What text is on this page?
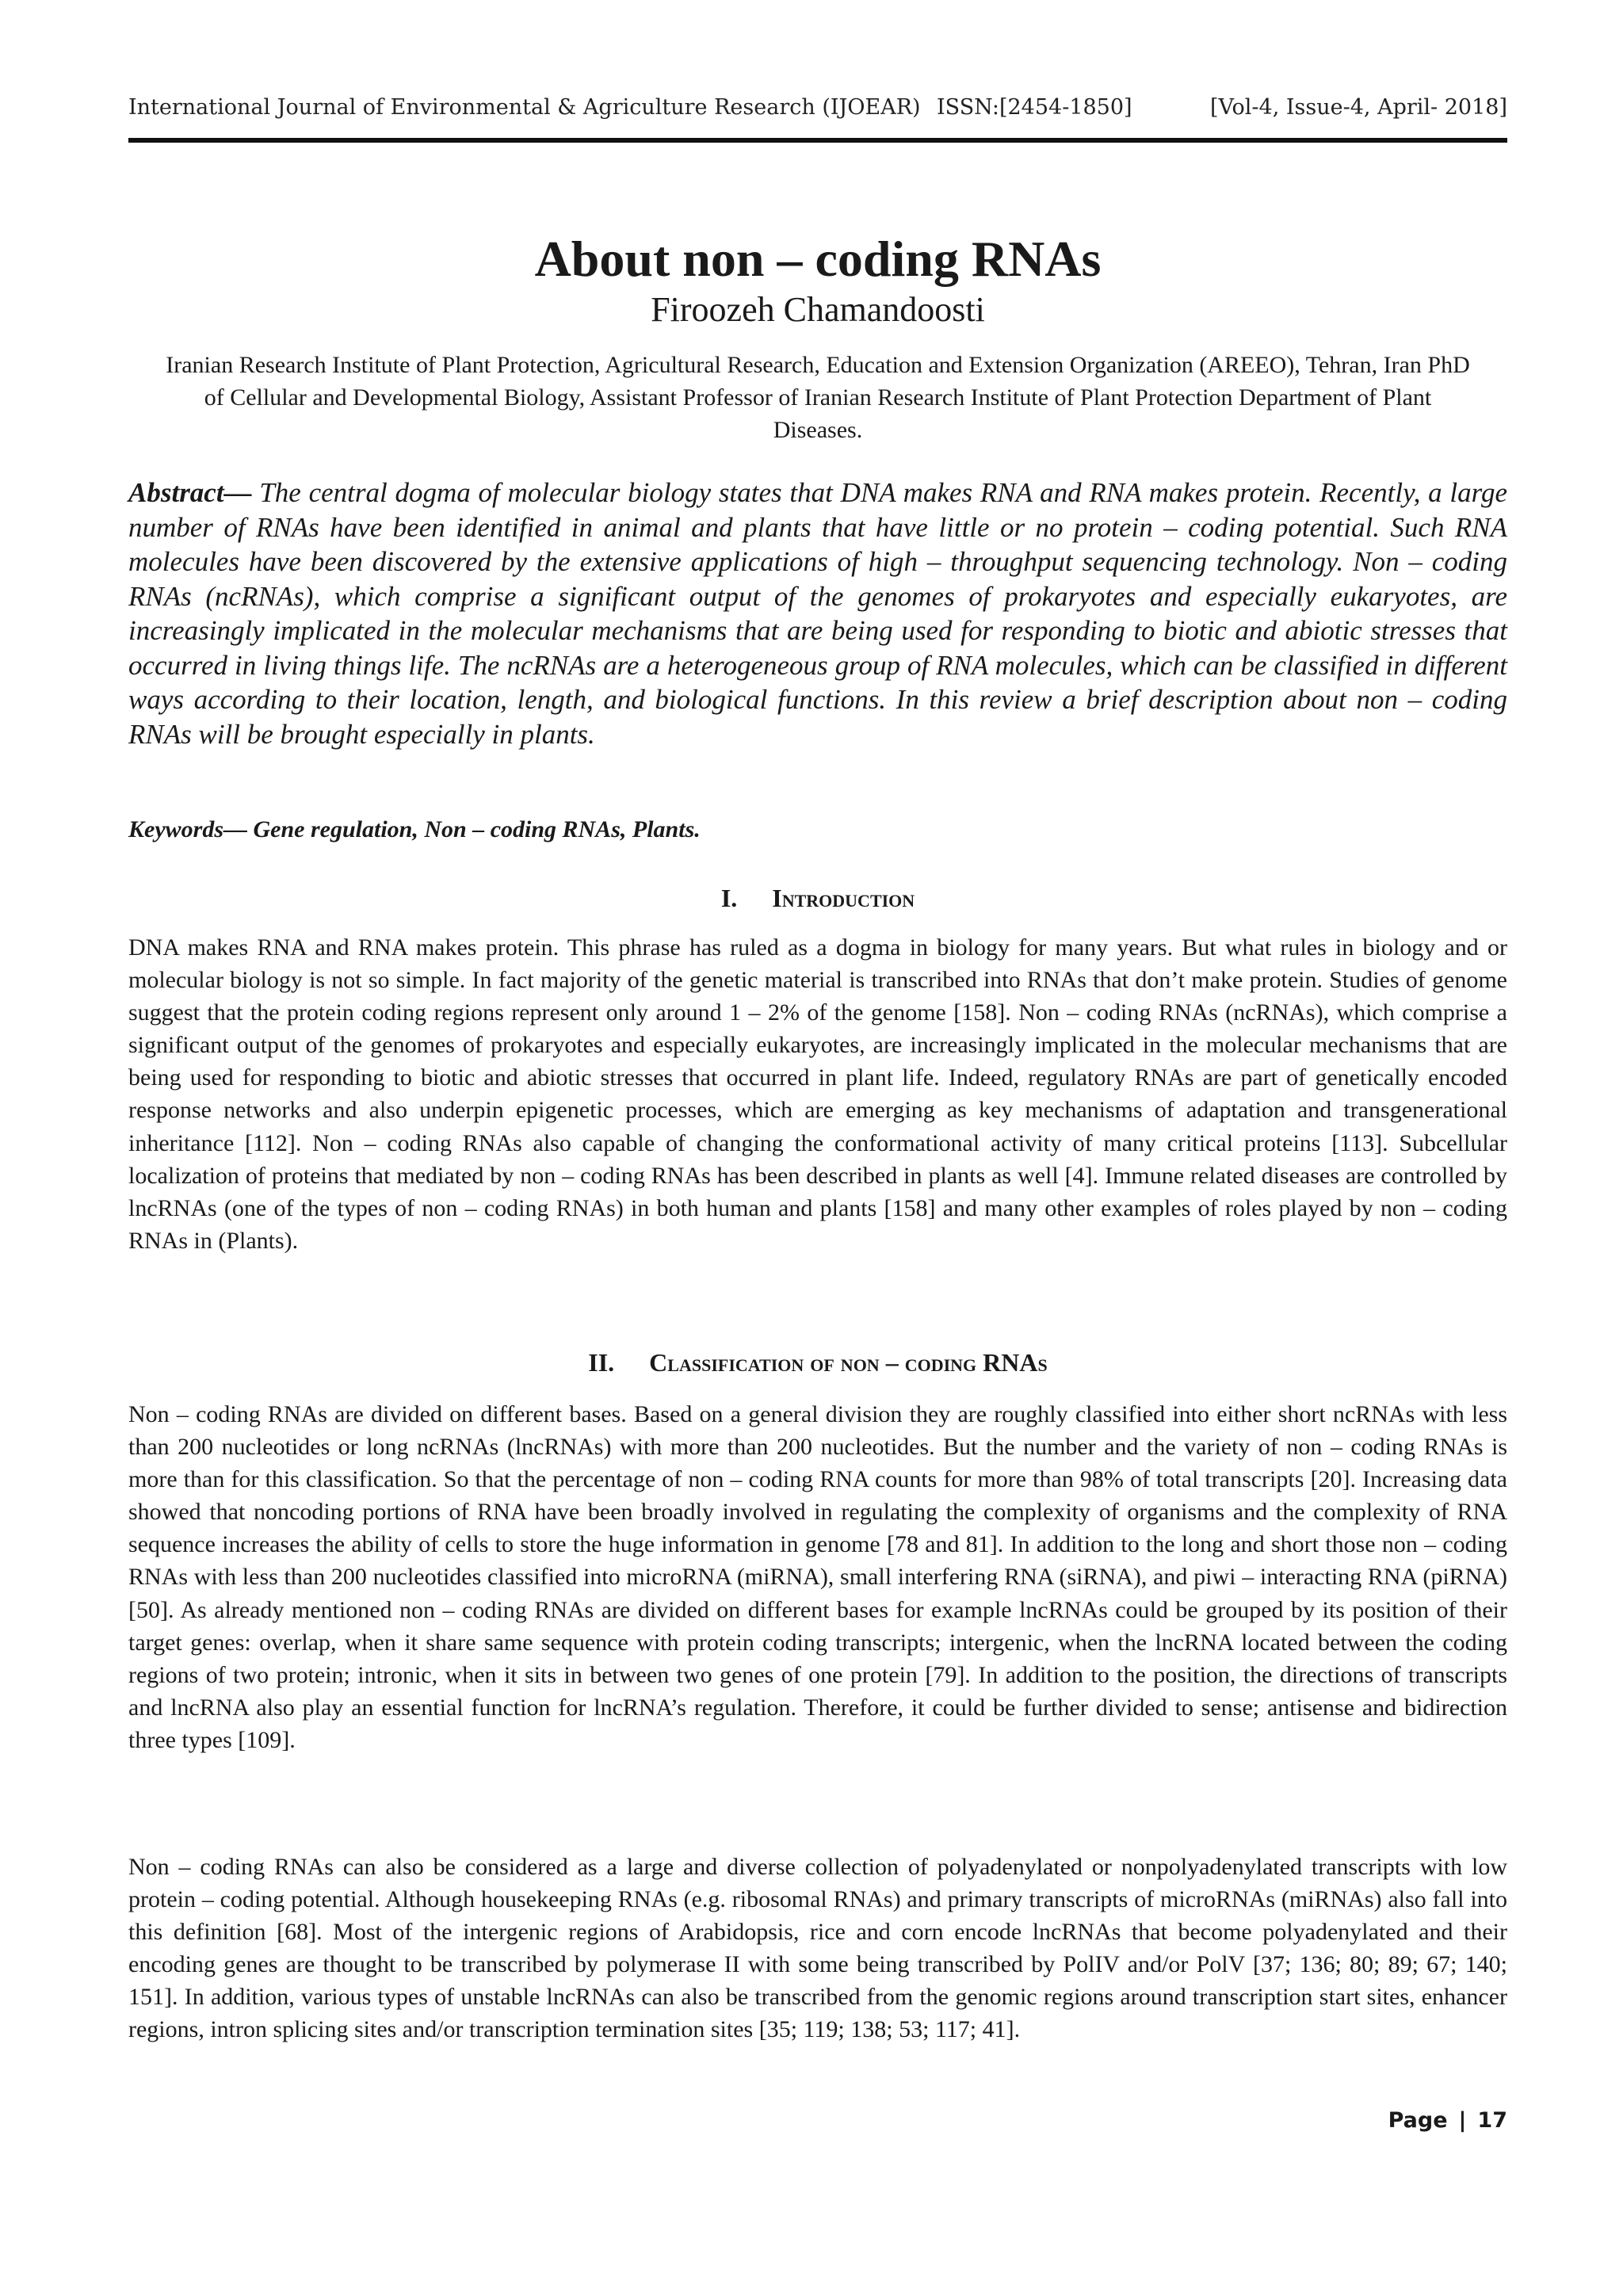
International Journal of Environmental & Agriculture Research (IJOEAR) ISSN:[2454-1850]	[Vol-4, Issue-4, April- 2018]
About non – coding RNAs
Firoozeh Chamandoosti
Iranian Research Institute of Plant Protection, Agricultural Research, Education and Extension Organization (AREEO), Tehran, Iran PhD of Cellular and Developmental Biology, Assistant Professor of Iranian Research Institute of Plant Protection Department of Plant Diseases.
Abstract— The central dogma of molecular biology states that DNA makes RNA and RNA makes protein. Recently, a large number of RNAs have been identified in animal and plants that have little or no protein – coding potential. Such RNA molecules have been discovered by the extensive applications of high – throughput sequencing technology. Non – coding RNAs (ncRNAs), which comprise a significant output of the genomes of prokaryotes and especially eukaryotes, are increasingly implicated in the molecular mechanisms that are being used for responding to biotic and abiotic stresses that occurred in living things life. The ncRNAs are a heterogeneous group of RNA molecules, which can be classified in different ways according to their location, length, and biological functions. In this review a brief description about non – coding RNAs will be brought especially in plants.
Keywords— Gene regulation, Non – coding RNAs, Plants.
I. Introduction
DNA makes RNA and RNA makes protein. This phrase has ruled as a dogma in biology for many years. But what rules in biology and or molecular biology is not so simple. In fact majority of the genetic material is transcribed into RNAs that don’t make protein. Studies of genome suggest that the protein coding regions represent only around 1 – 2% of the genome [158]. Non – coding RNAs (ncRNAs), which comprise a significant output of the genomes of prokaryotes and especially eukaryotes, are increasingly implicated in the molecular mechanisms that are being used for responding to biotic and abiotic stresses that occurred in plant life. Indeed, regulatory RNAs are part of genetically encoded response networks and also underpin epigenetic processes, which are emerging as key mechanisms of adaptation and transgenerational inheritance [112]. Non – coding RNAs also capable of changing the conformational activity of many critical proteins [113]. Subcellular localization of proteins that mediated by non – coding RNAs has been described in plants as well [4]. Immune related diseases are controlled by lncRNAs (one of the types of non – coding RNAs) in both human and plants [158] and many other examples of roles played by non – coding RNAs in (Plants).
II. Classification of non – coding RNAs
Non – coding RNAs are divided on different bases. Based on a general division they are roughly classified into either short ncRNAs with less than 200 nucleotides or long ncRNAs (lncRNAs) with more than 200 nucleotides. But the number and the variety of non – coding RNAs is more than for this classification. So that the percentage of non – coding RNA counts for more than 98% of total transcripts [20]. Increasing data showed that noncoding portions of RNA have been broadly involved in regulating the complexity of organisms and the complexity of RNA sequence increases the ability of cells to store the huge information in genome [78 and 81]. In addition to the long and short those non – coding RNAs with less than 200 nucleotides classified into microRNA (miRNA), small interfering RNA (siRNA), and piwi – interacting RNA (piRNA) [50]. As already mentioned non – coding RNAs are divided on different bases for example lncRNAs could be grouped by its position of their target genes: overlap, when it share same sequence with protein coding transcripts; intergenic, when the lncRNA located between the coding regions of two protein; intronic, when it sits in between two genes of one protein [79]. In addition to the position, the directions of transcripts and lncRNA also play an essential function for lncRNA’s regulation. Therefore, it could be further divided to sense; antisense and bidirection three types [109].
Non – coding RNAs can also be considered as a large and diverse collection of polyadenylated or nonpolyadenylated transcripts with low protein – coding potential. Although housekeeping RNAs (e.g. ribosomal RNAs) and primary transcripts of microRNAs (miRNAs) also fall into this definition [68]. Most of the intergenic regions of Arabidopsis, rice and corn encode lncRNAs that become polyadenylated and their encoding genes are thought to be transcribed by polymerase II with some being transcribed by PolIV and/or PolV [37; 136; 80; 89; 67; 140; 151]. In addition, various types of unstable lncRNAs can also be transcribed from the genomic regions around transcription start sites, enhancer regions, intron splicing sites and/or transcription termination sites [35; 119; 138; 53; 117; 41].
Page | 17
